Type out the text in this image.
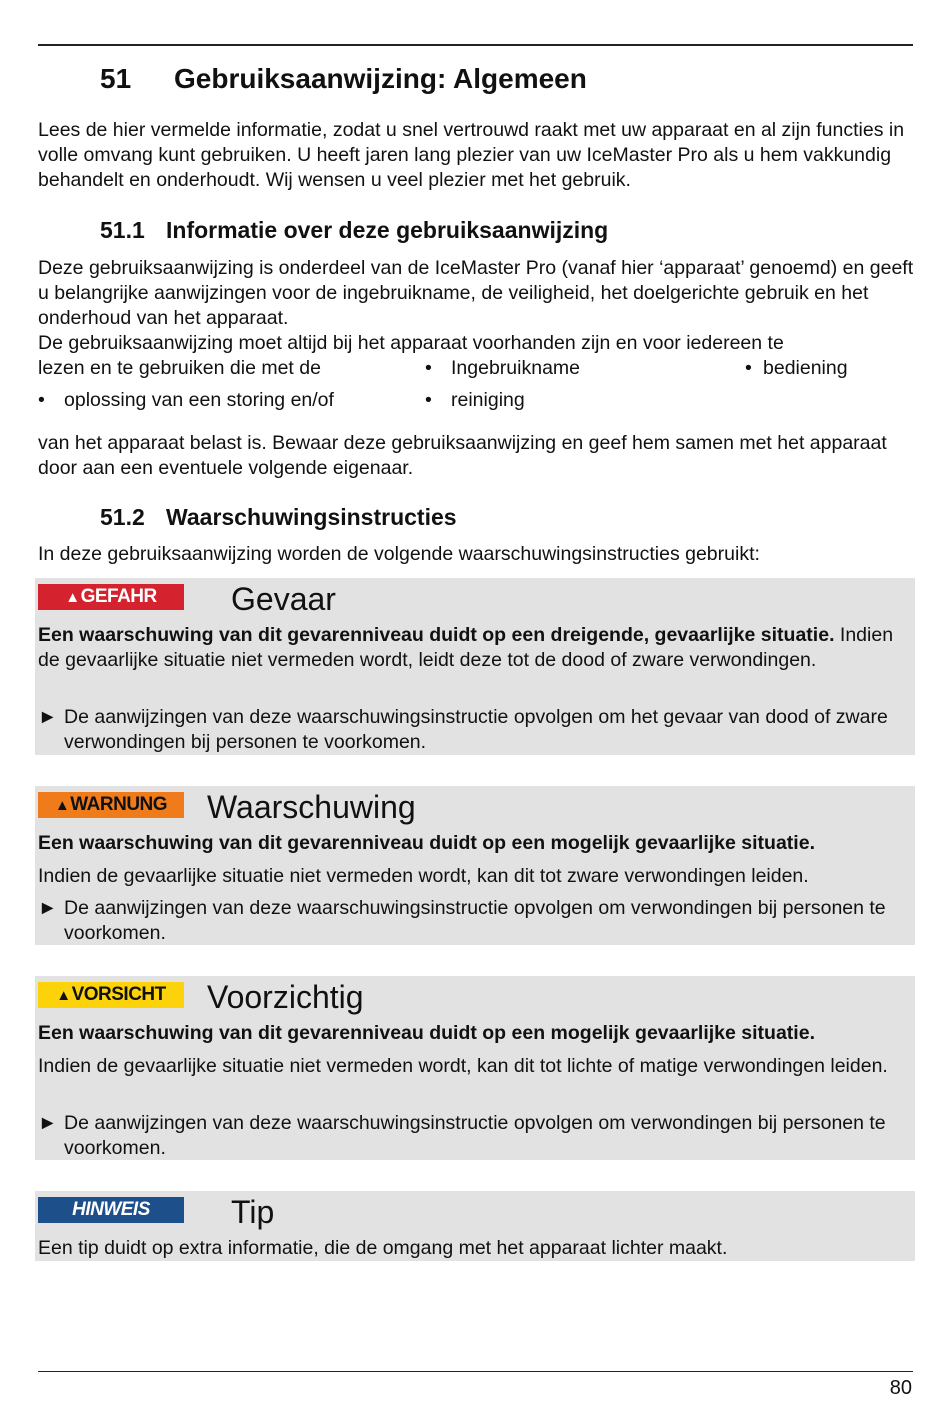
51 Gebruiksaanwijzing: Algemeen

Lees de hier vermelde informatie, zodat u snel vertrouwd raakt met uw apparaat en al zijn functies in volle omvang kunt gebruiken. U heeft jaren lang plezier van uw IceMaster Pro als u hem vakkundig behandelt en onderhoudt. Wij wensen u veel plezier met het gebruik.

51.1 Informatie over deze gebruiksaanwijzing

Deze gebruiksaanwijzing is onderdeel van de IceMaster Pro (vanaf hier ‘apparaat’ genoemd) en geeft u belangrijke aanwijzingen voor de ingebruikname, de veiligheid, het doelgerichte gebruik en het onderhoud van het apparaat.

De gebruiksaanwijzing moet altijd bij het apparaat voorhanden zijn en voor iedereen te

lezen en te gebruiken die met de	• Ingebruikname	• bediening
• oplossing van een storing en/of	• reiniging

van het apparaat belast is. Bewaar deze gebruiksaanwijzing en geef hem samen met het apparaat door aan een eventuele volgende eigenaar.

51.2 Waarschuwingsinstructies

In deze gebruiksaanwijzing worden de volgende waarschuwingsinstructies gebruikt:

▲GEFAHR	Gevaar

Een waarschuwing van dit gevarenniveau duidt op een dreigende, gevaarlijke situatie. Indien de gevaarlijke situatie niet vermeden wordt, leidt deze tot de dood of zware verwondingen.

► De aanwijzingen van deze waarschuwingsinstructie opvolgen om het gevaar van dood of zware verwondingen bij personen te voorkomen.

▲WARNUNG	Waarschuwing

Een waarschuwing van dit gevarenniveau duidt op een mogelijk gevaarlijke situatie.

Indien de gevaarlijke situatie niet vermeden wordt, kan dit tot zware verwondingen leiden.

► De aanwijzingen van deze waarschuwingsinstructie opvolgen om verwondingen bij personen te voorkomen.

▲VORSICHT	Voorzichtig

Een waarschuwing van dit gevarenniveau duidt op een mogelijk gevaarlijke situatie.

Indien de gevaarlijke situatie niet vermeden wordt, kan dit tot lichte of matige verwondingen leiden.

► De aanwijzingen van deze waarschuwingsinstructie opvolgen om verwondingen bij personen te voorkomen.

HINWEIS	Tip

Een tip duidt op extra informatie, die de omgang met het apparaat lichter maakt.

80
